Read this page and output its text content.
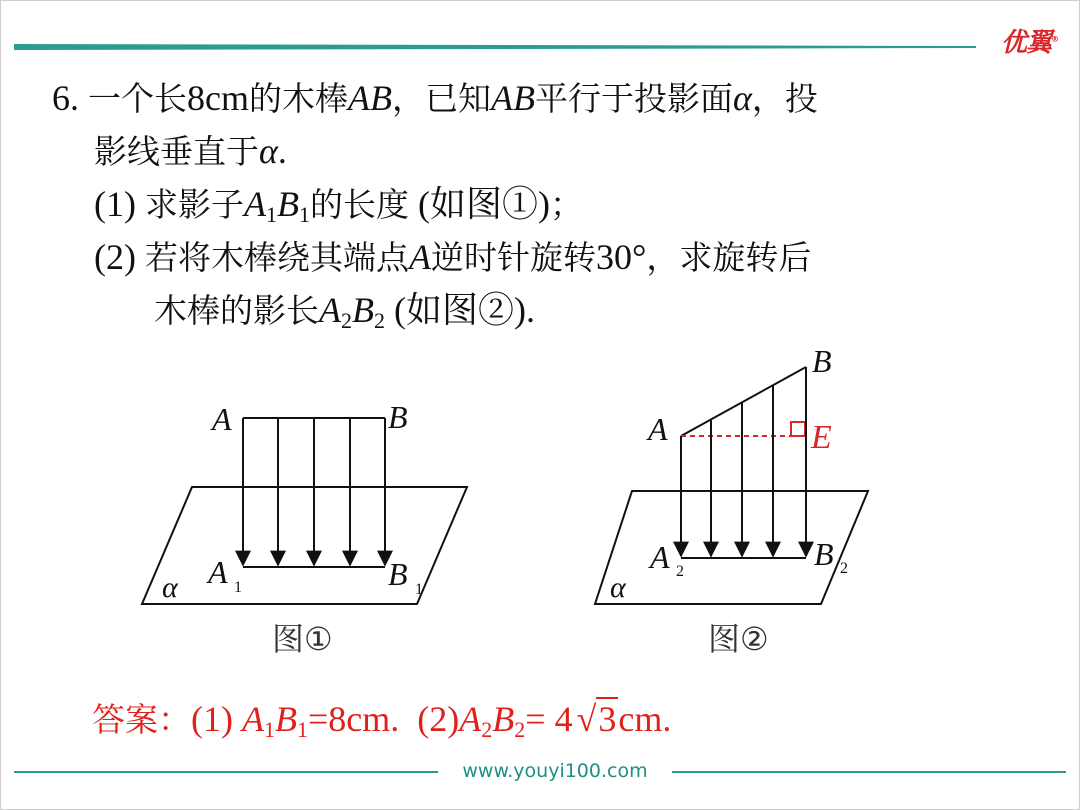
优翼®
6. 一个长8cm的木棒AB，已知AB平行于投影面α，投
影线垂直于α.
(1) 求影子$A_1B_1$的长度 (如图①)；
(2) 若将木棒绕其端点A逆时针旋转30°，求旋转后
木棒的影长$A_2B_2$ (如图②).
A	B
A 1	B 1
α
图①
B
A	E
A 2	B 2
α
图②
答案：(1) $A_1B_1=8cm$. $(2)A_2B_2= 4$ √3cm.
www.youyi100.com
